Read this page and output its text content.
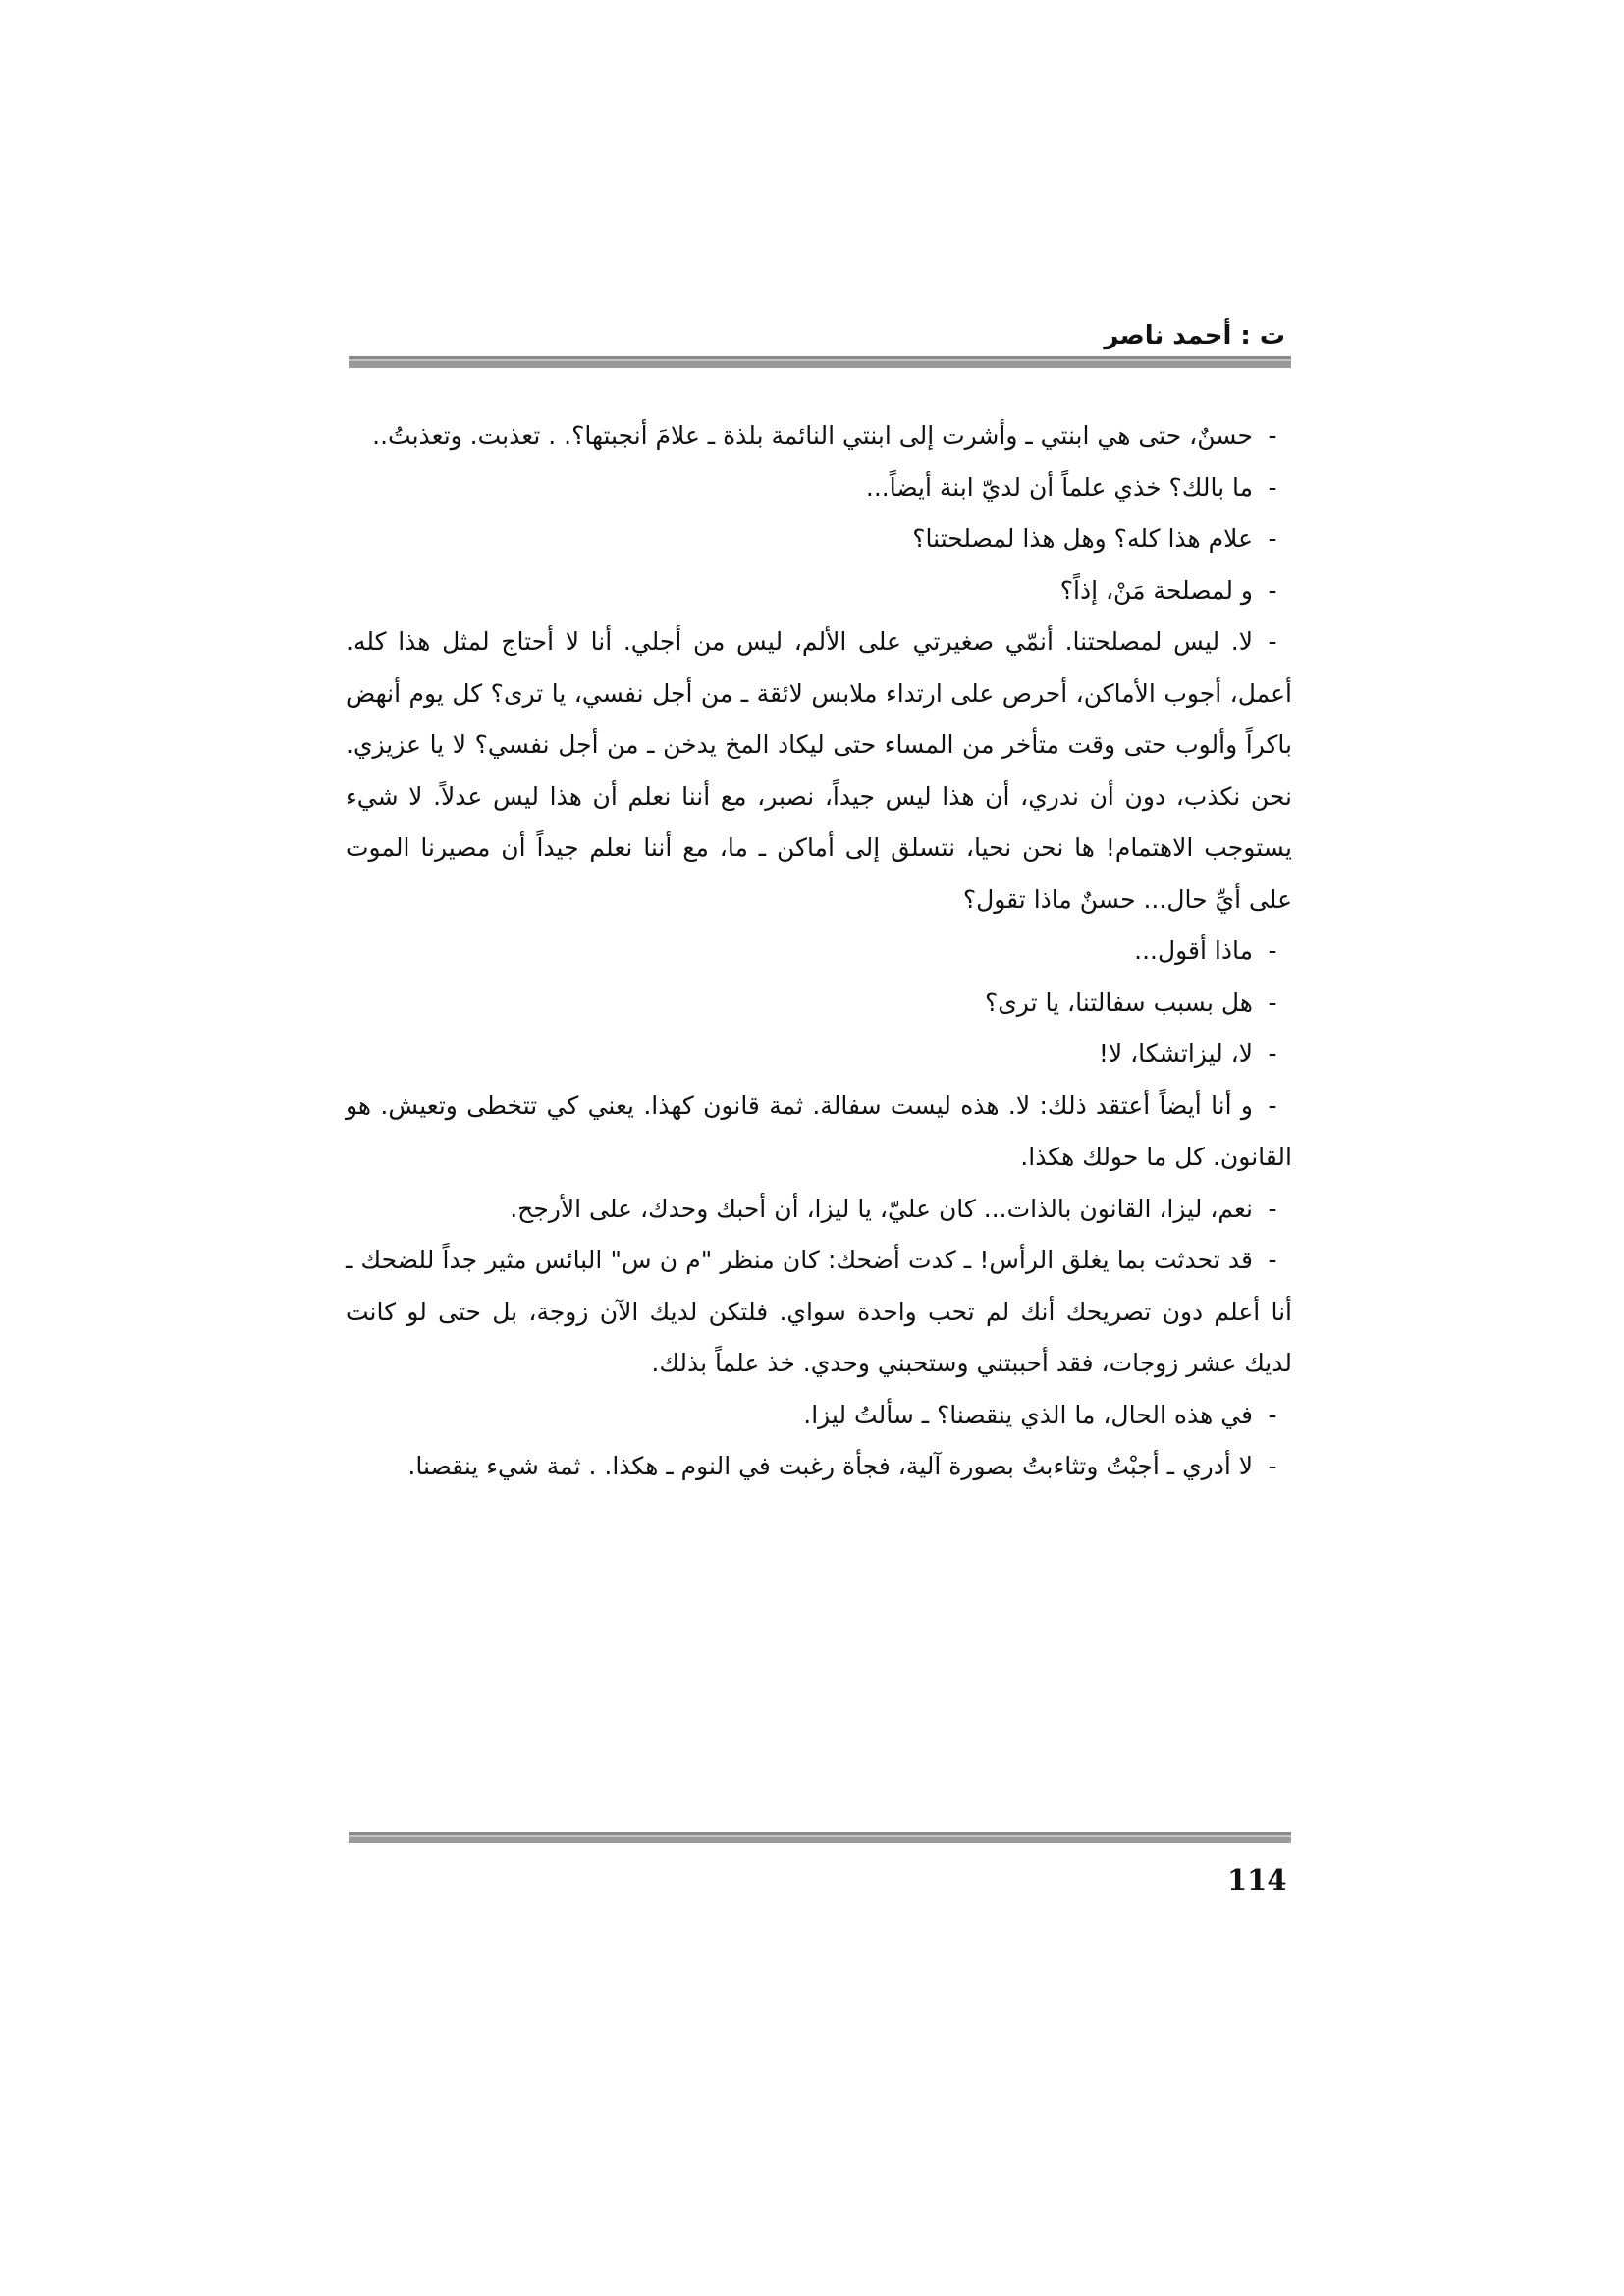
ت : أحمد ناصر

-حسنٌ، حتى هي ابنتي ـ وأشرت إلى ابنتي النائمة بلذة ـ علامَ أنجبتها؟. . تعذبت. وتعذبتُ..

-ما بالك؟ خذي علماً أن لديّ ابنة أيضاً...

-علام هذا كله؟ وهل هذا لمصلحتنا؟

-و لمصلحة مَنْ، إذاً؟

-لا. ليس لمصلحتنا. أنمّي صغيرتي على الألم، ليس من أجلي. أنا لا أحتاج لمثل هذا كله. أعمل، أجوب الأماكن، أحرص على ارتداء ملابس لائقة ـ من أجل نفسي، يا ترى؟ كل يوم أنهض باكراً وألوب حتى وقت متأخر من المساء حتى ليكاد المخ يدخن ـ من أجل نفسي؟ لا يا عزيزي. نحن نكذب، دون أن ندري، أن هذا ليس جيداً، نصبر، مع أننا نعلم أن هذا ليس عدلاً. لا شيء يستوجب الاهتمام! ها نحن نحيا، نتسلق إلى أماكن ـ ما، مع أننا نعلم جيداً أن مصيرنا الموت على أيِّ حال... حسنٌ ماذا تقول؟

-ماذا أقول...

-هل بسبب سفالتنا، يا ترى؟

-لا، ليزاتشكا، لا!

-و أنا أيضاً أعتقد ذلك: لا. هذه ليست سفالة. ثمة قانون كهذا. يعني كي تتخطى وتعيش. هو القانون. كل ما حولك هكذا.

-نعم، ليزا، القانون بالذات... كان عليّ، يا ليزا، أن أحبك وحدك، على الأرجح.

-قد تحدثت بما يغلق الرأس! ـ كدت أضحك: كان منظر "م ن س" البائس مثير جداً للضحك ـ أنا أعلم دون تصريحك أنك لم تحب واحدة سواي. فلتكن لديك الآن زوجة، بل حتى لو كانت لديك عشر زوجات، فقد أحببتني وستحبني وحدي. خذ علماً بذلك.

-في هذه الحال، ما الذي ينقصنا؟ ـ سألتُ ليزا.

-لا أدري ـ أجبْتُ وتثاءبتُ بصورة آلية، فجأة رغبت في النوم ـ هكذا. . ثمة شيء ينقصنا.

114
